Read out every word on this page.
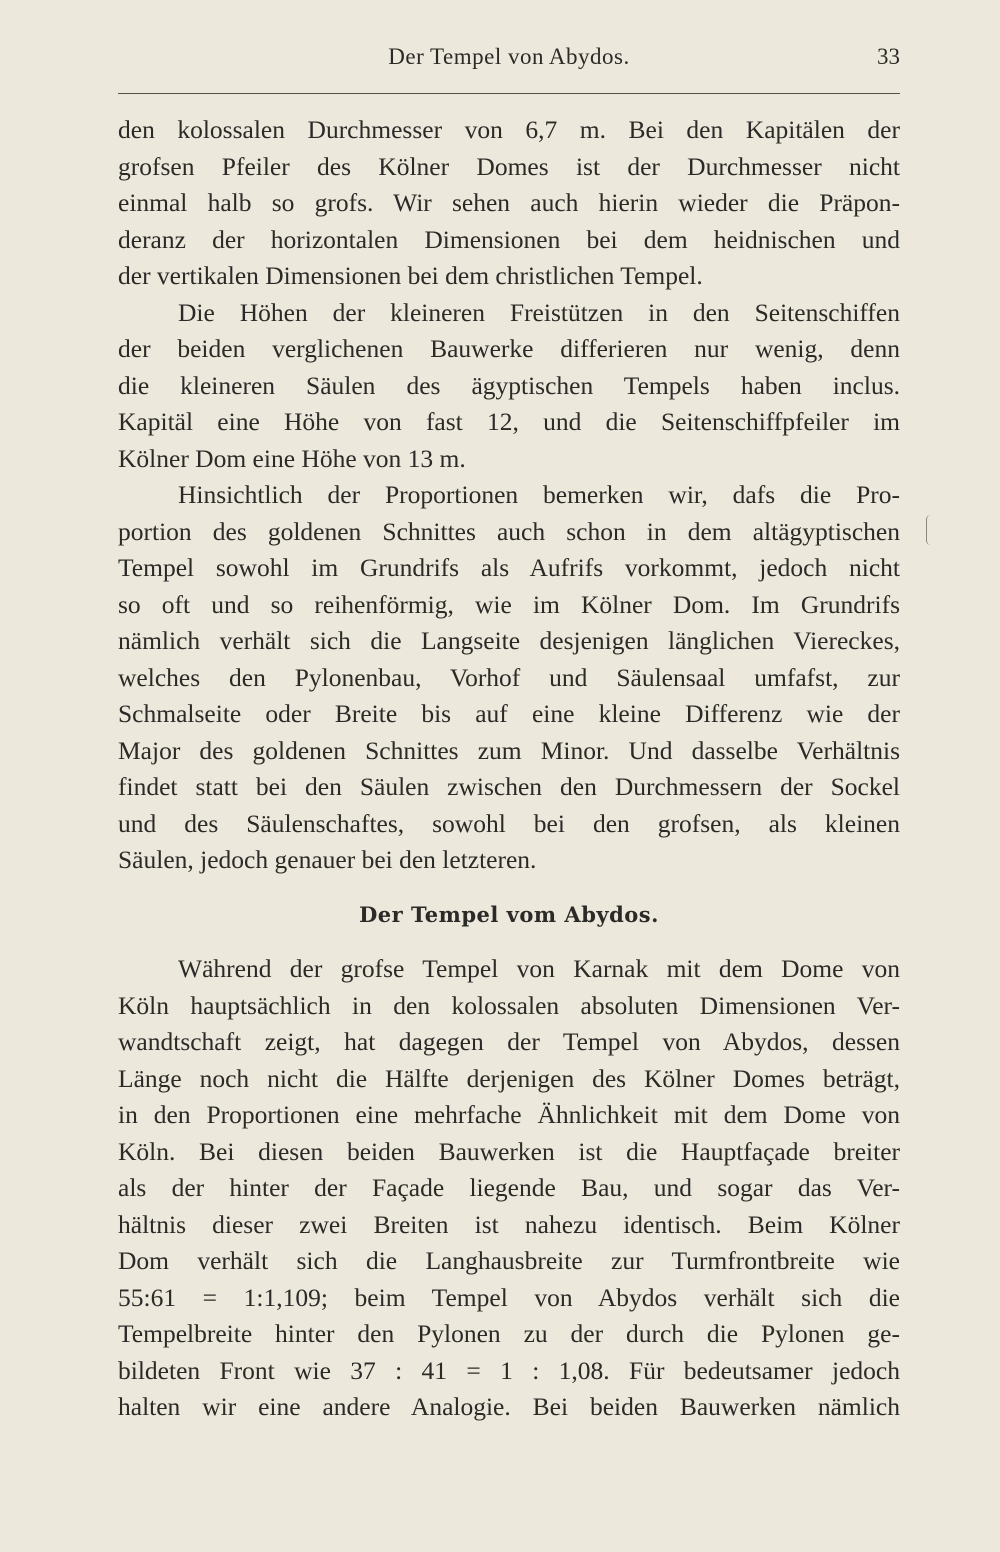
Der Tempel von Abydos.	33
den kolossalen Durchmesser von 6,7 m. Bei den Kapitälen der
grofsen Pfeiler des Kölner Domes ist der Durchmesser nicht
einmal halb so grofs. Wir sehen auch hierin wieder die Präpon-
deranz der horizontalen Dimensionen bei dem heidnischen und
der vertikalen Dimensionen bei dem christlichen Tempel.
Die Höhen der kleineren Freistützen in den Seitenschiffen
der beiden verglichenen Bauwerke differieren nur wenig, denn
die kleineren Säulen des ägyptischen Tempels haben inclus.
Kapitäl eine Höhe von fast 12, und die Seitenschiffpfeiler im
Kölner Dom eine Höhe von 13 m.
Hinsichtlich der Proportionen bemerken wir, dafs die Pro-
portion des goldenen Schnittes auch schon in dem altägyptischen
Tempel sowohl im Grundrifs als Aufrifs vorkommt, jedoch nicht
so oft und so reihenförmig, wie im Kölner Dom. Im Grundrifs
nämlich verhält sich die Langseite desjenigen länglichen Viereckes,
welches den Pylonenbau, Vorhof und Säulensaal umfafst, zur
Schmalseite oder Breite bis auf eine kleine Differenz wie der
Major des goldenen Schnittes zum Minor. Und dasselbe Verhältnis
findet statt bei den Säulen zwischen den Durchmessern der Sockel
und des Säulenschaftes, sowohl bei den grofsen, als kleinen
Säulen, jedoch genauer bei den letzteren.
Der Tempel vom Abydos.
Während der grofse Tempel von Karnak mit dem Dome von
Köln hauptsächlich in den kolossalen absoluten Dimensionen Ver-
wandtschaft zeigt, hat dagegen der Tempel von Abydos, dessen
Länge noch nicht die Hälfte derjenigen des Kölner Domes beträgt,
in den Proportionen eine mehrfache Ähnlichkeit mit dem Dome von
Köln. Bei diesen beiden Bauwerken ist die Hauptfaçade breiter
als der hinter der Façade liegende Bau, und sogar das Ver-
hältnis dieser zwei Breiten ist nahezu identisch. Beim Kölner
Dom verhält sich die Langhausbreite zur Turmfrontbreite wie
55:61 = 1:1,109; beim Tempel von Abydos verhält sich die
Tempelbreite hinter den Pylonen zu der durch die Pylonen ge-
bildeten Front wie 37 : 41 = 1 : 1,08. Für bedeutsamer jedoch
halten wir eine andere Analogie. Bei beiden Bauwerken nämlich
